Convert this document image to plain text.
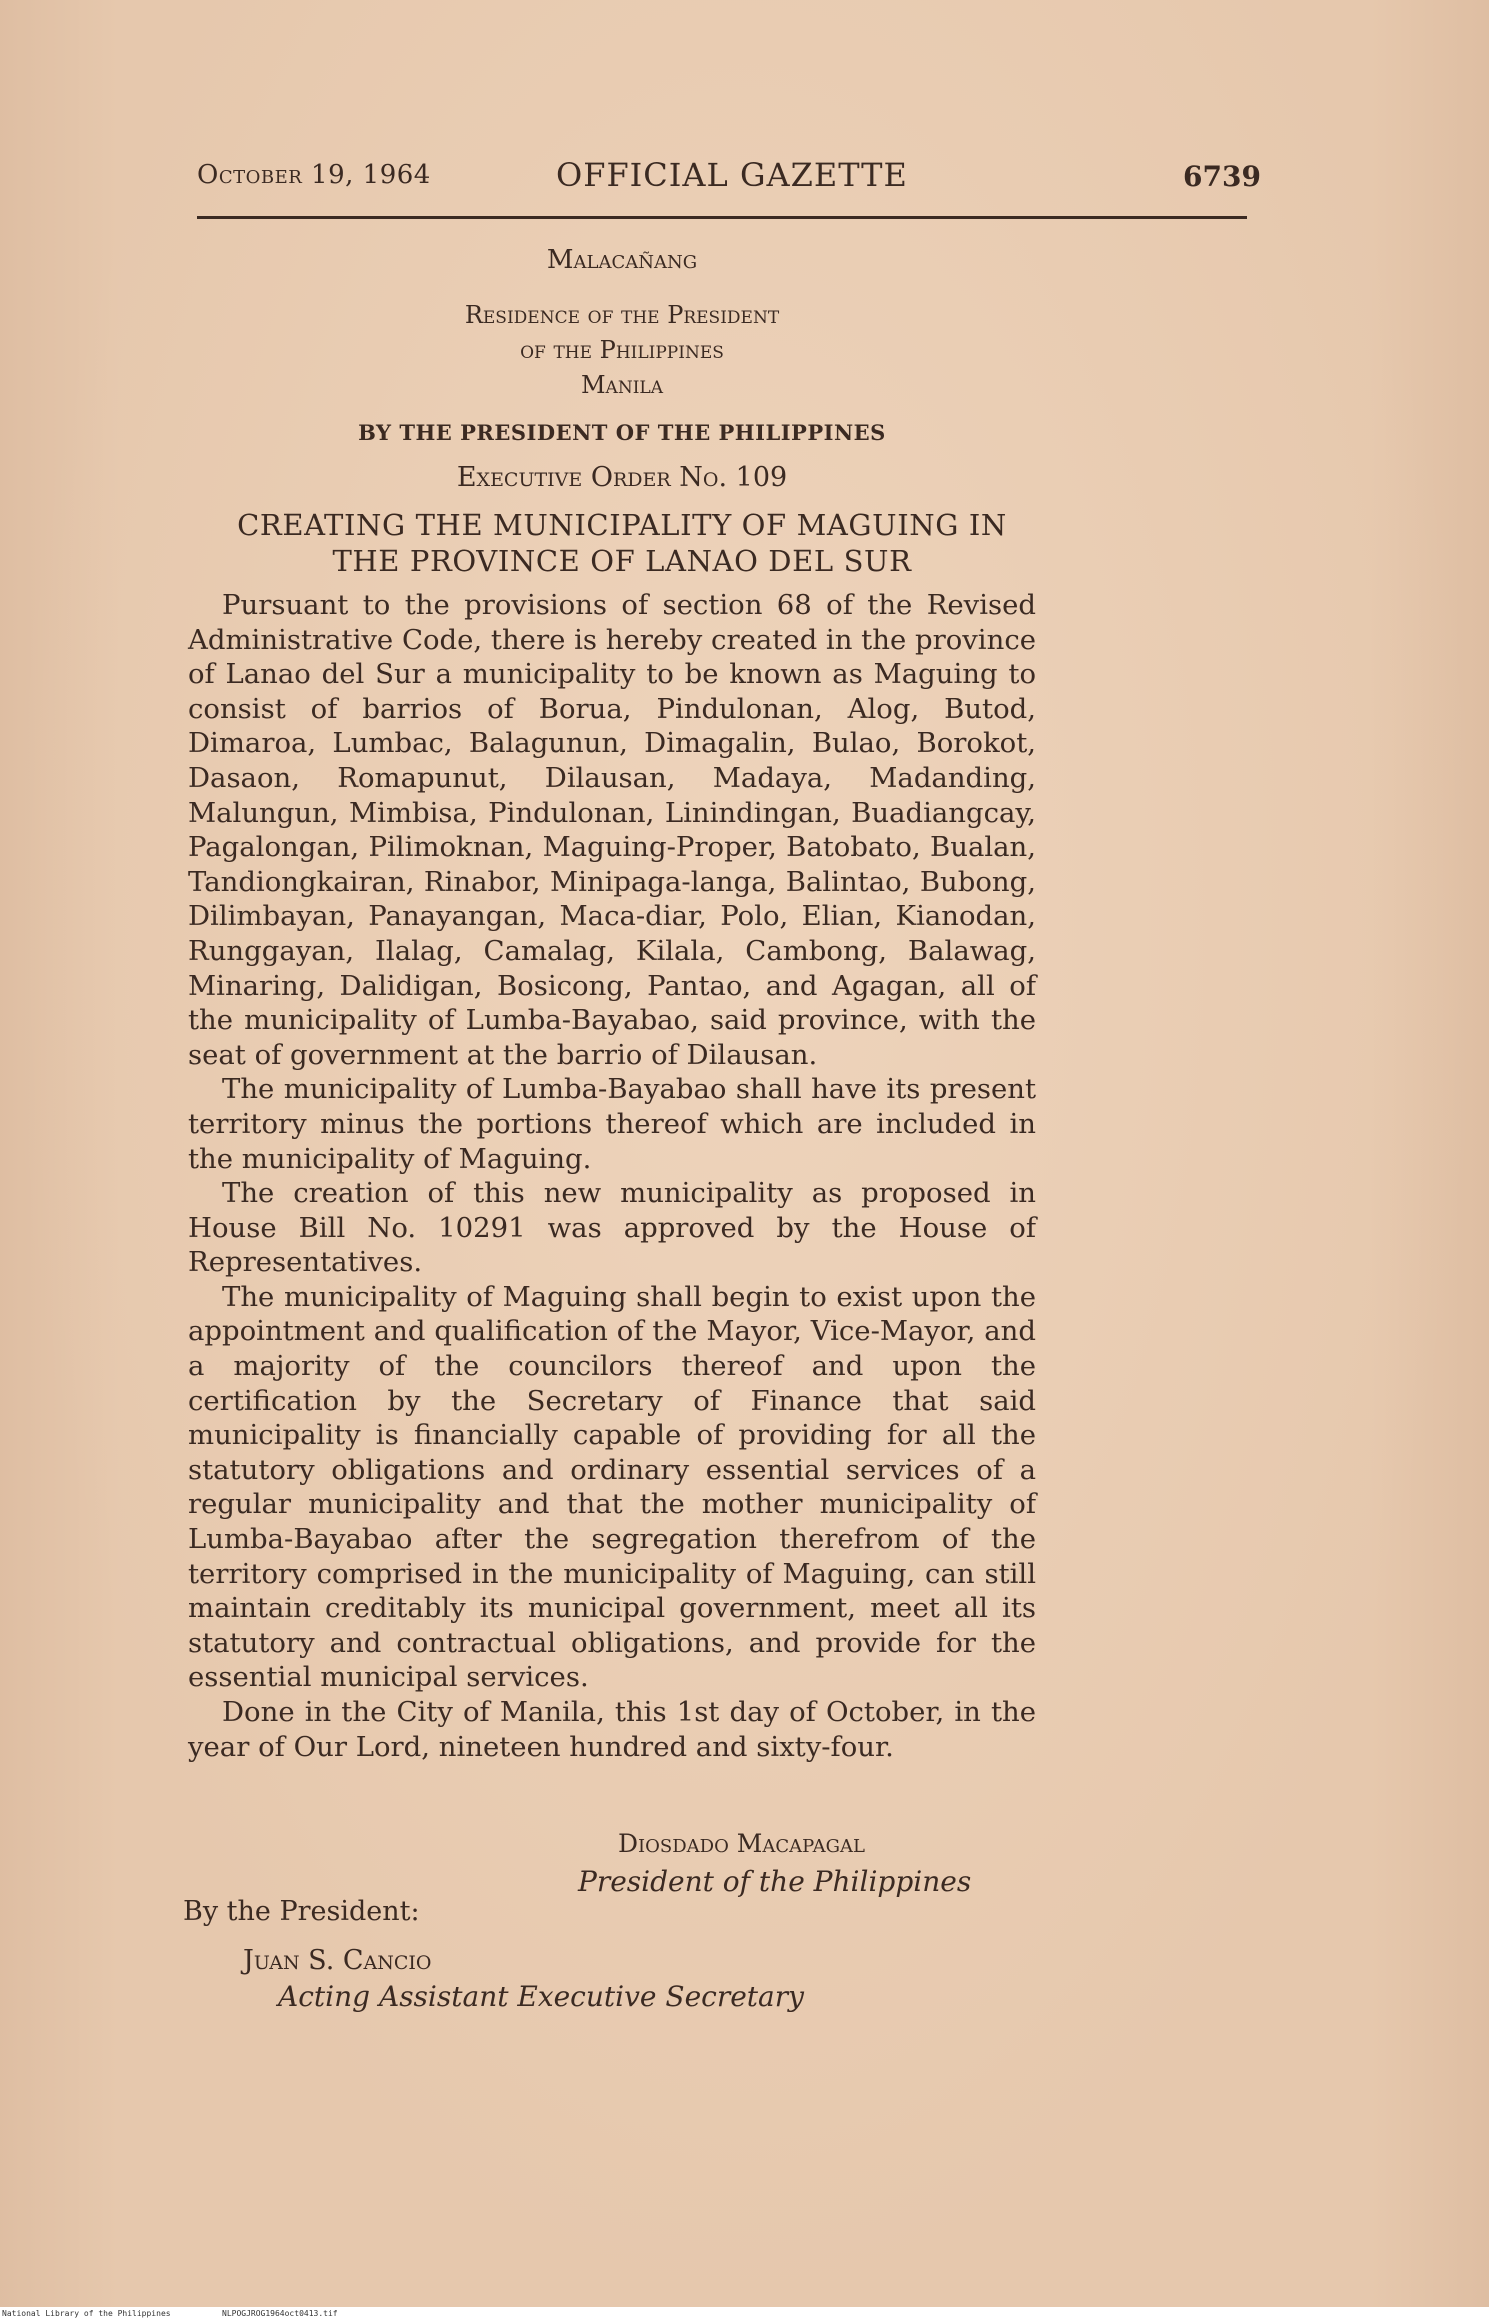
October 19, 1964	OFFICIAL GAZETTE	6739
Malacañang
Residence of the President
of the Philippines
Manila
BY THE PRESIDENT OF THE PHILIPPINES
Executive Order No. 109
CREATING THE MUNICIPALITY OF MAGUING IN
THE PROVINCE OF LANAO DEL SUR

Pursuant to the provisions of section 68 of the Revised Administrative Code, there is hereby created in the province of Lanao del Sur a municipality to be known as Maguing to consist of barrios of Borua, Pindulonan, Alog, Butod, Dimaroa, Lumbac, Balagunun, Dimagalin, Bulao, Borokot, Dasaon, Romapunut, Dilausan, Madaya, Madanding, Malungun, Mimbisa, Pindulonan, Linindingan, Buadiangcay, Pagalongan, Pilimoknan, Maguing-Proper, Batobato, Bualan, Tandiongkairan, Rinabor, Minipaga-langa, Balintao, Bubong, Dilimbayan, Panayangan, Maca-diar, Polo, Elian, Kianodan, Runggayan, Ilalag, Camalag, Kilala, Cambong, Balawag, Minaring, Dalidigan, Bosicong, Pantao, and Agagan, all of the municipality of Lumba-Bayabao, said province, with the seat of government at the barrio of Dilausan.

The municipality of Lumba-Bayabao shall have its present territory minus the portions thereof which are included in the municipality of Maguing.

The creation of this new municipality as proposed in House Bill No. 10291 was approved by the House of Representatives.

The municipality of Maguing shall begin to exist upon the appointment and qualification of the Mayor, Vice-Mayor, and a majority of the councilors thereof and upon the certification by the Secretary of Finance that said municipality is financially capable of providing for all the statutory obligations and ordinary essential services of a regular municipality and that the mother municipality of Lumba-Bayabao after the segregation therefrom of the territory comprised in the municipality of Maguing, can still maintain creditably its municipal government, meet all its statutory and contractual obligations, and provide for the essential municipal services.

Done in the City of Manila, this 1st day of October, in the year of Our Lord, nineteen hundred and sixty-four.

Diosdado Macapagal
President of the Philippines
By the President:
Juan S. Cancio
Acting Assistant Executive Secretary
National Library of the Philippines	NLPOGJROG1964oct0413.tif
